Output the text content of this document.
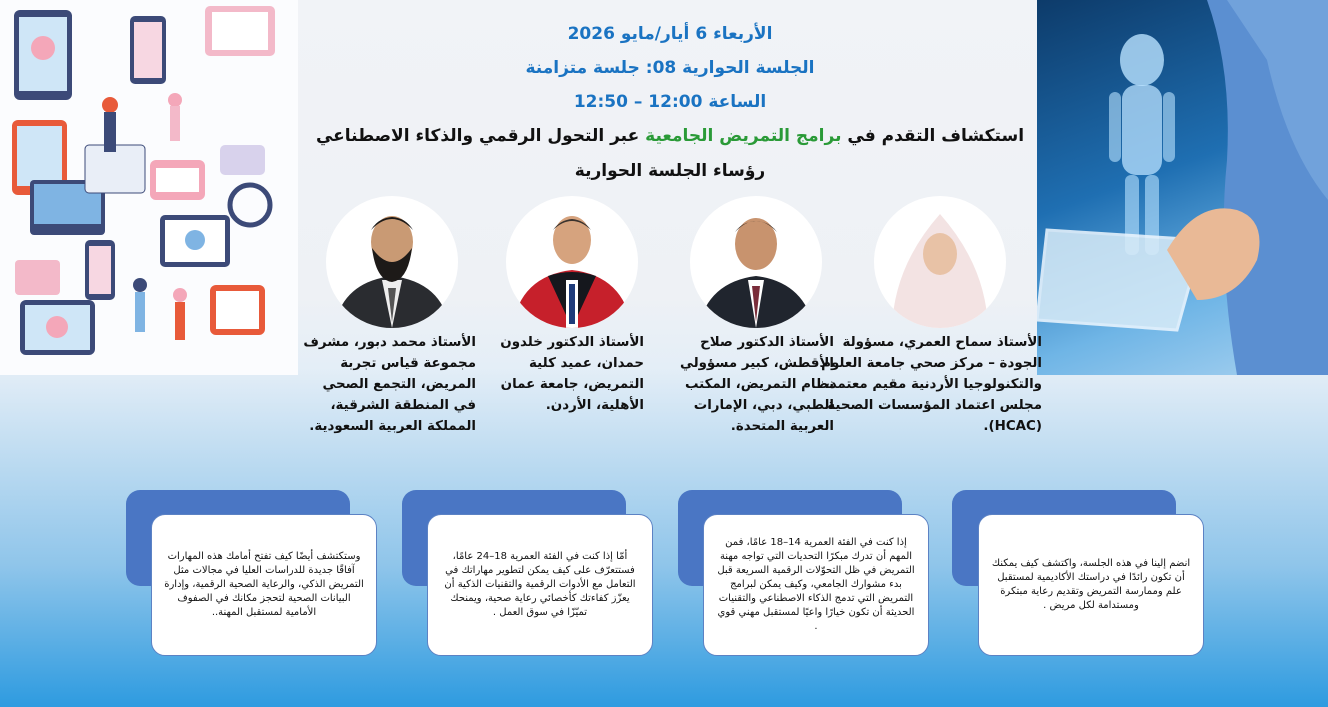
الأربعاء 6 أيار/مايو 2026
الجلسة الحوارية 08: جلسة متزامنة
الساعة 12:00 – 12:50
استكشاف التقدم في برامج التمريض الجامعية عبر التحول الرقمي والذكاء الاصطناعي
رؤساء الجلسة الحوارية
الأستاذ سماح العمري، مسؤولة الجودة – مركز صحي جامعة العلوم والتكنولوجيا الأردنية مقيم معتمد، مجلس اعتماد المؤسسات الصحية (HCAC).
الأستاذ الدكتور صلاح الأقطش، كبير مسؤولي نظام التمريض، المكتب الطبي، دبي، الإمارات العربية المتحدة.
الأستاذ الدكتور خلدون حمدان، عميد كلية التمريض، جامعة عمان الأهلية، الأردن.
الأستاذ محمد دبور، مشرف مجموعة قياس تجربة المريض، التجمع الصحي في المنطقة الشرقية، المملكة العربية السعودية.
انضم إلينا في هذه الجلسة، واكتشف كيف يمكنك أن تكون رائدًا في دراستك الأكاديمية لمستقبل علم وممارسة التمريض وتقديم رعاية مبتكرة ومستدامة لكل مريض .
إذا كنت في الفئة العمرية 14–18 عامًا، فمن المهم أن تدرك مبكرًا التحديات التي تواجه مهنة التمريض في ظل التحوّلات الرقمية السريعة قبل بدء مشوارك الجامعي، وكيف يمكن لبرامج التمريض التي تدمج الذكاء الاصطناعي والتقنيات الحديثة أن تكون خيارًا واعيًا لمستقبل مهني قوي .
أمّا إذا كنت في الفئة العمرية 18–24 عامًا، فستتعرّف على كيف يمكن لتطوير مهاراتك في التعامل مع الأدوات الرقمية والتقنيات الذكية أن يعزّز كفاءتك كأخصائي رعاية صحية، ويمنحك تميّزًا في سوق العمل .
وستكتشف أيضًا كيف تفتح أمامك هذه المهارات آفاقًا جديدة للدراسات العليا في مجالات مثل التمريض الذكي، والرعاية الصحية الرقمية، وإدارة البيانات الصحية لتحجز مكانك في الصفوف الأمامية لمستقبل المهنة..
